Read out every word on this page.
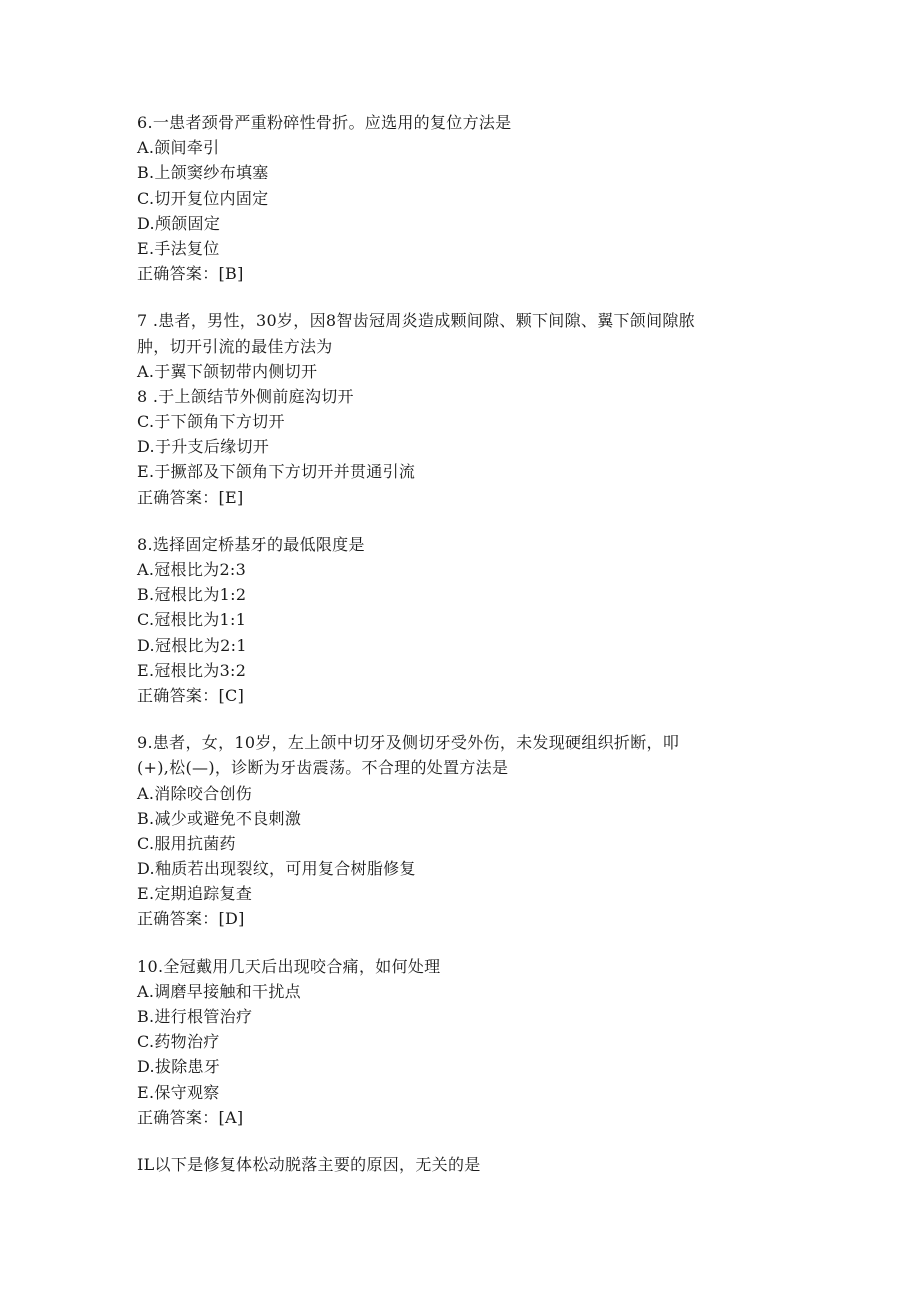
6.一患者颈骨严重粉碎性骨折。应选用的复位方法是
A.颌间牵引
B.上颌窦纱布填塞
C.切开复位内固定
D.颅颌固定
E.手法复位
正确答案：[B]
7 .患者，男性，30岁，因8智齿冠周炎造成颗间隙、颗下间隙、翼下颌间隙脓
肿，切开引流的最佳方法为
A.于翼下颌韧带内侧切开
8 .于上颌结节外侧前庭沟切开
C.于下颌角下方切开
D.于升支后缘切开
E.于撅部及下颌角下方切开并贯通引流
正确答案：[E]
8.选择固定桥基牙的最低限度是
A.冠根比为2:3
B.冠根比为1:2
C.冠根比为1:1
D.冠根比为2:1
E.冠根比为3:2
正确答案：[C]
9.患者，女，10岁，左上颌中切牙及侧切牙受外伤，未发现硬组织折断，叩
(+),松(—)，诊断为牙齿震荡。不合理的处置方法是
A.消除咬合创伤
B.减少或避免不良刺激
C.服用抗菌药
D.釉质若出现裂纹，可用复合树脂修复
E.定期追踪复查
正确答案：[D]
10.全冠戴用几天后出现咬合痛，如何处理
A.调磨早接触和干扰点
B.进行根管治疗
C.药物治疗
D.拔除患牙
E.保守观察
正确答案：[A]
IL以下是修复体松动脱落主要的原因，无关的是
